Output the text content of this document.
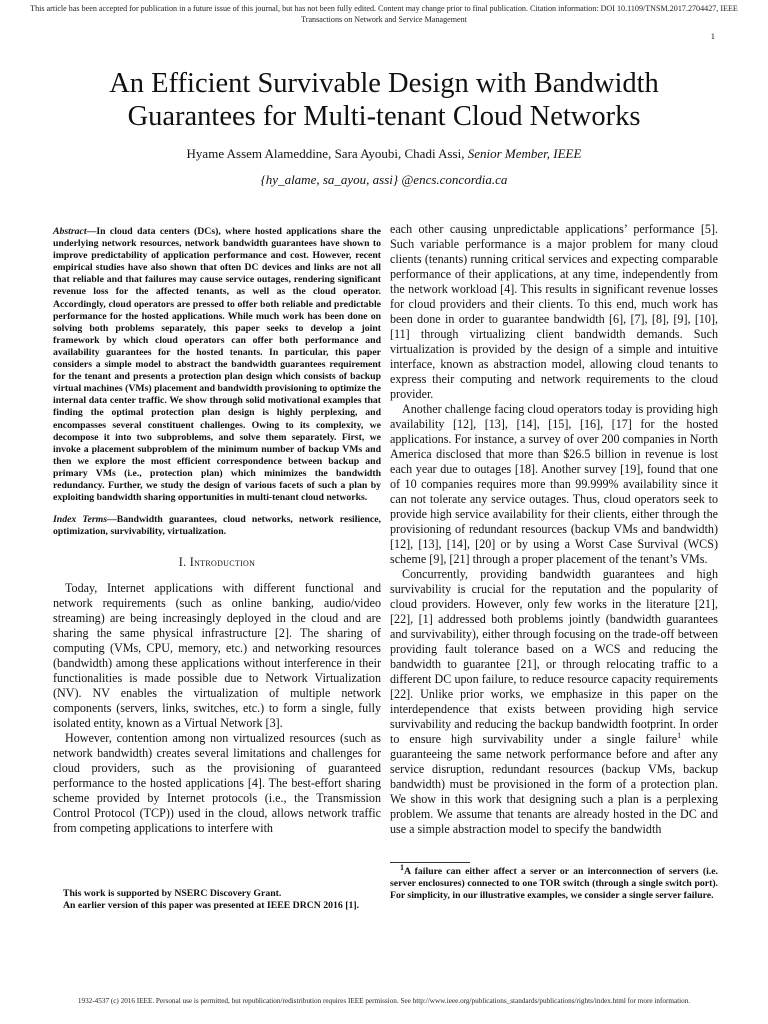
This article has been accepted for publication in a future issue of this journal, but has not been fully edited. Content may change prior to final publication. Citation information: DOI 10.1109/TNSM.2017.2704427, IEEE
Transactions on Network and Service Management
1
An Efficient Survivable Design with Bandwidth
Guarantees for Multi-tenant Cloud Networks
Hyame Assem Alameddine, Sara Ayoubi, Chadi Assi, Senior Member, IEEE
{hy_alame, sa_ayou, assi} @encs.concordia.ca
Abstract—In cloud data centers (DCs), where hosted applications share the underlying network resources, network bandwidth guarantees have shown to improve predictability of application performance and cost. However, recent empirical studies have also shown that often DC devices and links are not all that reliable and that failures may cause service outages, rendering significant revenue loss for the affected tenants, as well as the cloud operator. Accordingly, cloud operators are pressed to offer both reliable and predictable performance for the hosted applications. While much work has been done on solving both problems separately, this paper seeks to develop a joint framework by which cloud operators can offer both performance and availability guarantees for the hosted tenants. In particular, this paper considers a simple model to abstract the bandwidth guarantees requirement for the tenant and presents a protection plan design which consists of backup virtual machines (VMs) placement and bandwidth provisioning to optimize the internal data center traffic. We show through solid motivational examples that finding the optimal protection plan design is highly perplexing, and encompasses several constituent challenges. Owing to its complexity, we decompose it into two subproblems, and solve them separately. First, we invoke a placement subproblem of the minimum number of backup VMs and then we explore the most efficient correspondence between backup and primary VMs (i.e., protection plan) which minimizes the bandwidth redundancy. Further, we study the design of various facets of such a plan by exploiting bandwidth sharing opportunities in multi-tenant cloud networks.
Index Terms—Bandwidth guarantees, cloud networks, network resilience, optimization, survivability, virtualization.
I. Introduction

Today, Internet applications with different functional and network requirements (such as online banking, audio/video streaming) are being increasingly deployed in the cloud and are sharing the same physical infrastructure [2]. The sharing of computing (VMs, CPU, memory, etc.) and networking resources (bandwidth) among these applications without interference in their functionalities is made possible due to Network Virtualization (NV). NV enables the virtualization of multiple network components (servers, links, switches, etc.) to form a single, fully isolated entity, known as a Virtual Network [3].

However, contention among non virtualized resources (such as network bandwidth) creates several limitations and challenges for cloud providers, such as the provisioning of guaranteed performance to the hosted applications [4]. The best-effort sharing scheme provided by Internet protocols (i.e., the Transmission Control Protocol (TCP)) used in the cloud, allows network traffic from competing applications to interfere with

This work is supported by NSERC Discovery Grant.
An earlier version of this paper was presented at IEEE DRCN 2016 [1].

each other causing unpredictable applications’ performance [5]. Such variable performance is a major problem for many cloud clients (tenants) running critical services and expecting comparable performance of their applications, at any time, independently from the network workload [4]. This results in significant revenue losses for cloud providers and their clients. To this end, much work has been done in order to guarantee bandwidth [6], [7], [8], [9], [10], [11] through virtualizing client bandwidth demands. Such virtualization is provided by the design of a simple and intuitive interface, known as abstraction model, allowing cloud tenants to express their computing and network requirements to the cloud provider.

Another challenge facing cloud operators today is providing high availability [12], [13], [14], [15], [16], [17] for the hosted applications. For instance, a survey of over 200 companies in North America disclosed that more than $26.5 billion in revenue is lost each year due to outages [18]. Another survey [19], found that one of 10 companies requires more than 99.999% availability since it can not tolerate any service outages. Thus, cloud operators seek to provide high service availability for their clients, either through the provisioning of redundant resources (backup VMs and bandwidth) [12], [13], [14], [20] or by using a Worst Case Survival (WCS) scheme [9], [21] through a proper placement of the tenant’s VMs.

Concurrently, providing bandwidth guarantees and high survivability is crucial for the reputation and the popularity of cloud providers. However, only few works in the literature [21], [22], [1] addressed both problems jointly (bandwidth guarantees and survivability), either through focusing on the trade-off between providing fault tolerance based on a WCS and reducing the bandwidth to guarantee [21], or through relocating traffic to a different DC upon failure, to reduce resource capacity requirements [22]. Unlike prior works, we emphasize in this paper on the interdependence that exists between providing high service survivability and reducing the backup bandwidth footprint. In order to ensure high survivability under a single failure$^1$ while guaranteeing the same network performance before and after any service disruption, redundant resources (backup VMs, backup bandwidth) must be provisioned in the form of a protection plan. We show in this work that designing such a plan is a perplexing problem. We assume that tenants are already hosted in the DC and use a simple abstraction model to specify the bandwidth

$^1$A failure can either affect a server or an interconnection of servers (i.e. server enclosures) connected to one TOR switch (through a single switch port). For simplicity, in our illustrative examples, we consider a single server failure.
1932-4537 (c) 2016 IEEE. Personal use is permitted, but republication/redistribution requires IEEE permission. See http://www.ieee.org/publications_standards/publications/rights/index.html for more information.
